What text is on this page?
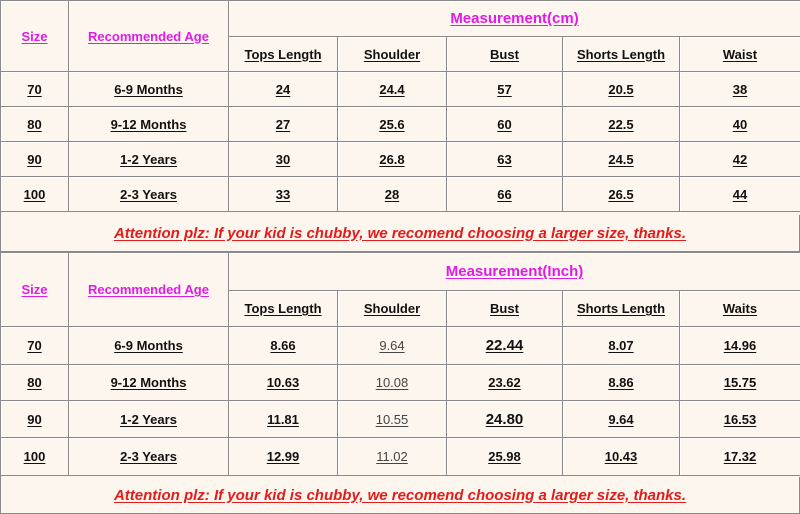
Size	Recommended Age
Measurement(cm)
Tops Length	Shoulder	Bust	Shorts Length	Waist
70	6-9 Months	24	24.4	57	20.5	38
80	9-12 Months	27	25.6	60	22.5	40
90	1-2 Years	30	26.8	63	24.5	42
100	2-3 Years	33	28	66	26.5	44
Attention plz: If your kid is chubby, we recomend choosing a larger size, thanks.
Size	Recommended Age
Measurement(Inch)
Tops Length	Shoulder	Bust	Shorts Length	Waits
70	6-9 Months	8.66	9.64	22.44	8.07	14.96
80	9-12 Months	10.63	10.08	23.62	8.86	15.75
90	1-2 Years	11.81	10.55	24.80	9.64	16.53
100	2-3 Years	12.99	11.02	25.98	10.43	17.32
Attention plz: If your kid is chubby, we recomend choosing a larger size, thanks.
